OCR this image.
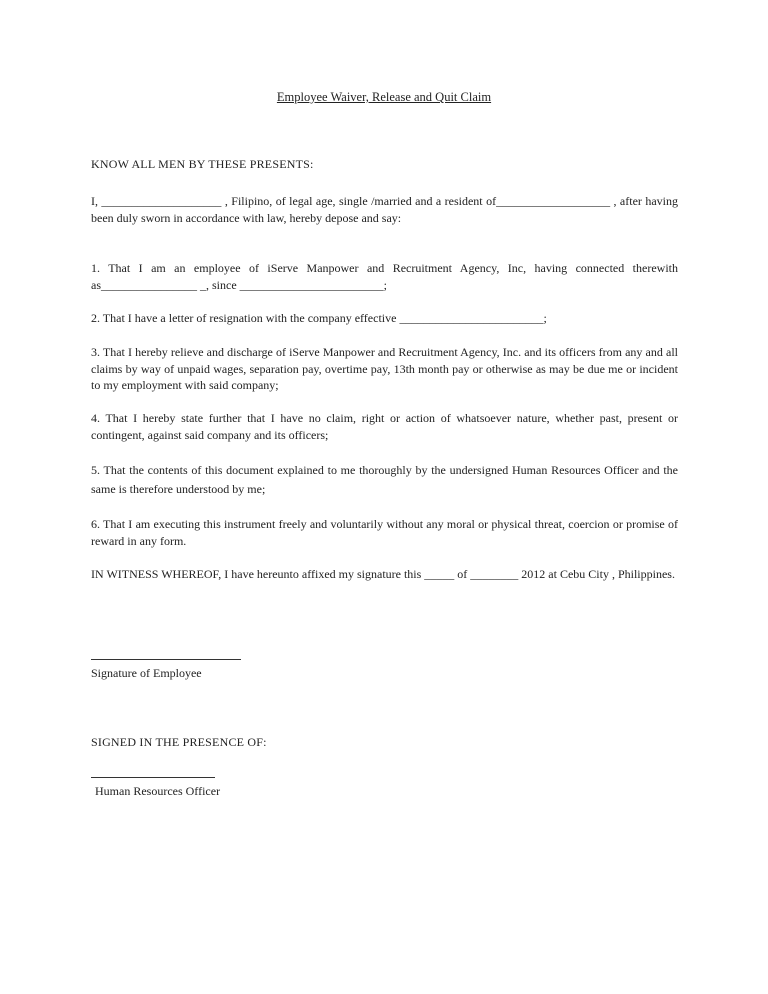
Employee Waiver, Release and Quit Claim
KNOW ALL MEN BY THESE PRESENTS:
I, ____________________ , Filipino, of legal age, single /married and a resident of___________________ , after having been duly sworn in accordance with law, hereby depose and say:
1. That I am an employee of iServe Manpower and Recruitment Agency, Inc, having connected therewith as________________ _, since ________________________;
2. That I have a letter of resignation with the company effective ________________________;
3. That I hereby relieve and discharge of iServe Manpower and Recruitment Agency, Inc. and its officers from any and all claims by way of unpaid wages, separation pay, overtime pay, 13th month pay or otherwise as may be due me or incident to my employment with said company;
4. That I hereby state further that I have no claim, right or action of whatsoever nature, whether past, present or contingent, against said company and its officers;
5. That the contents of this document explained to me thoroughly by the undersigned Human Resources Officer and the same is therefore understood by me;
6. That I am executing this instrument freely and voluntarily without any moral or physical threat, coercion or promise of reward in any form.
IN WITNESS WHEREOF, I have hereunto affixed my signature this _____ of ________ 2012 at Cebu City , Philippines.
Signature of Employee
SIGNED IN THE PRESENCE OF:
Human Resources Officer
